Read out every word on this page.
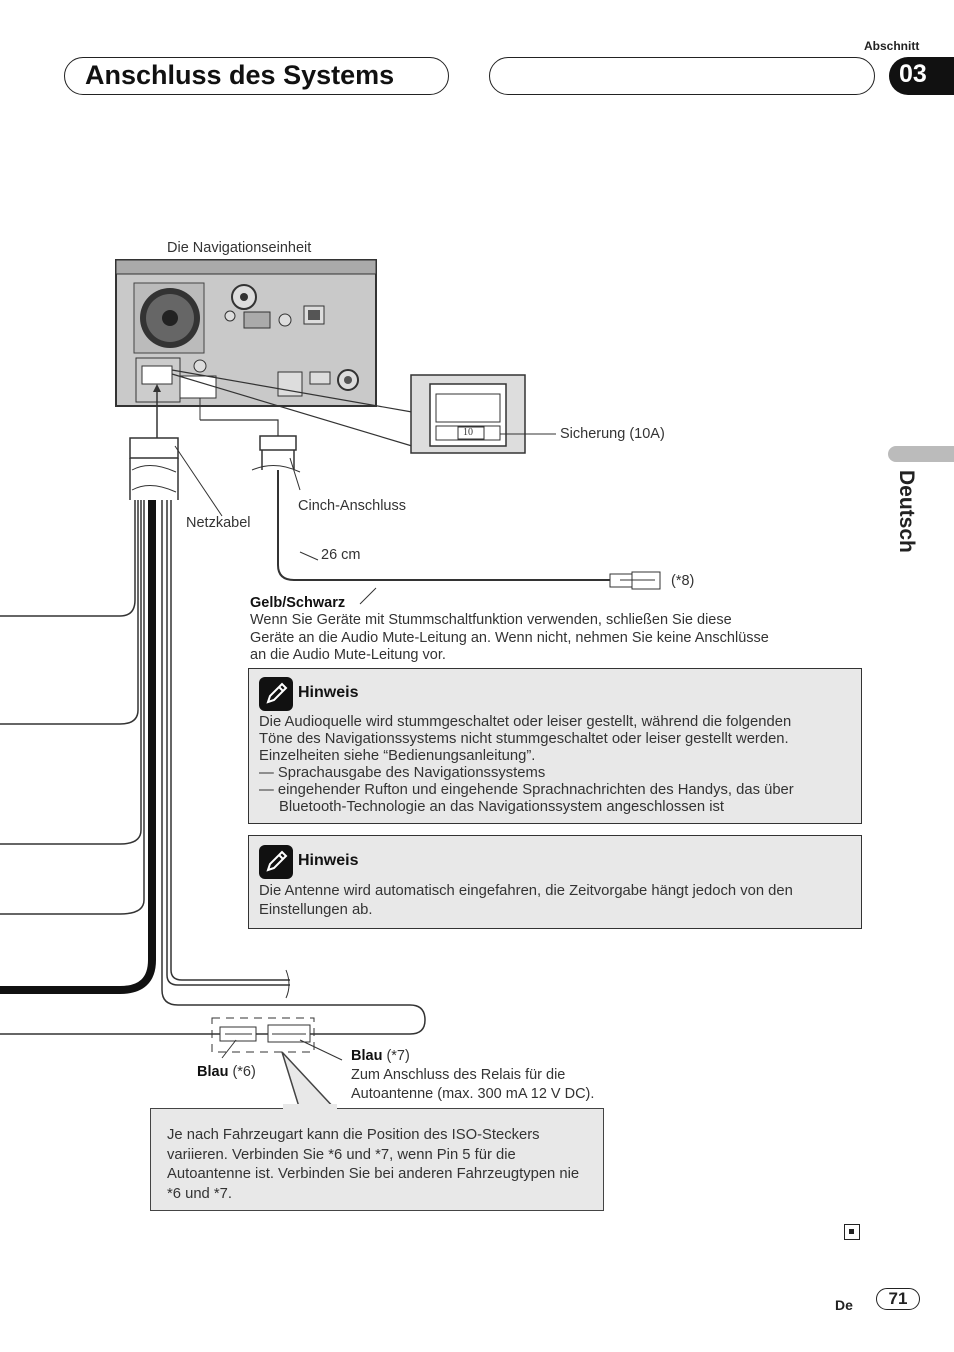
Anschluss des Systems
Abschnitt
03
Deutsch
Die Navigationseinheit
10	Sicherung (10A)
Netzkabel
Cinch-Anschluss
26 cm
(*8)
Gelb/Schwarz
Wenn Sie Geräte mit Stummschaltfunktion verwenden, schließen Sie diese Geräte an die Audio Mute-Leitung an. Wenn nicht, nehmen Sie keine Anschlüsse an die Audio Mute-Leitung vor.
Hinweis

Die Audioquelle wird stummgeschaltet oder leiser gestellt, während die folgenden

Töne des Navigationssystems nicht stummgeschaltet oder leiser gestellt werden.

Einzelheiten siehe “Bedienungsanleitung”.

— Sprachausgabe des Navigationssystems

— eingehender Rufton und eingehende Sprachnachrichten des Handys, das über

Bluetooth-Technologie an das Navigationssystem angeschlossen ist

Hinweis

Die Antenne wird automatisch eingefahren, die Zeitvorgabe hängt jedoch von den

Einstellungen ab.

Blau (*6)
Blau (*7)
Zum Anschluss des Relais für die
Autoantenne (max. 300 mA 12 V DC).
Je nach Fahrzeugart kann die Position des ISO-Steckers variieren. Verbinden Sie *6 und *7, wenn Pin 5 für die Autoantenne ist. Verbinden Sie bei anderen Fahrzeugtypen nie *6 und *7.
De	71
